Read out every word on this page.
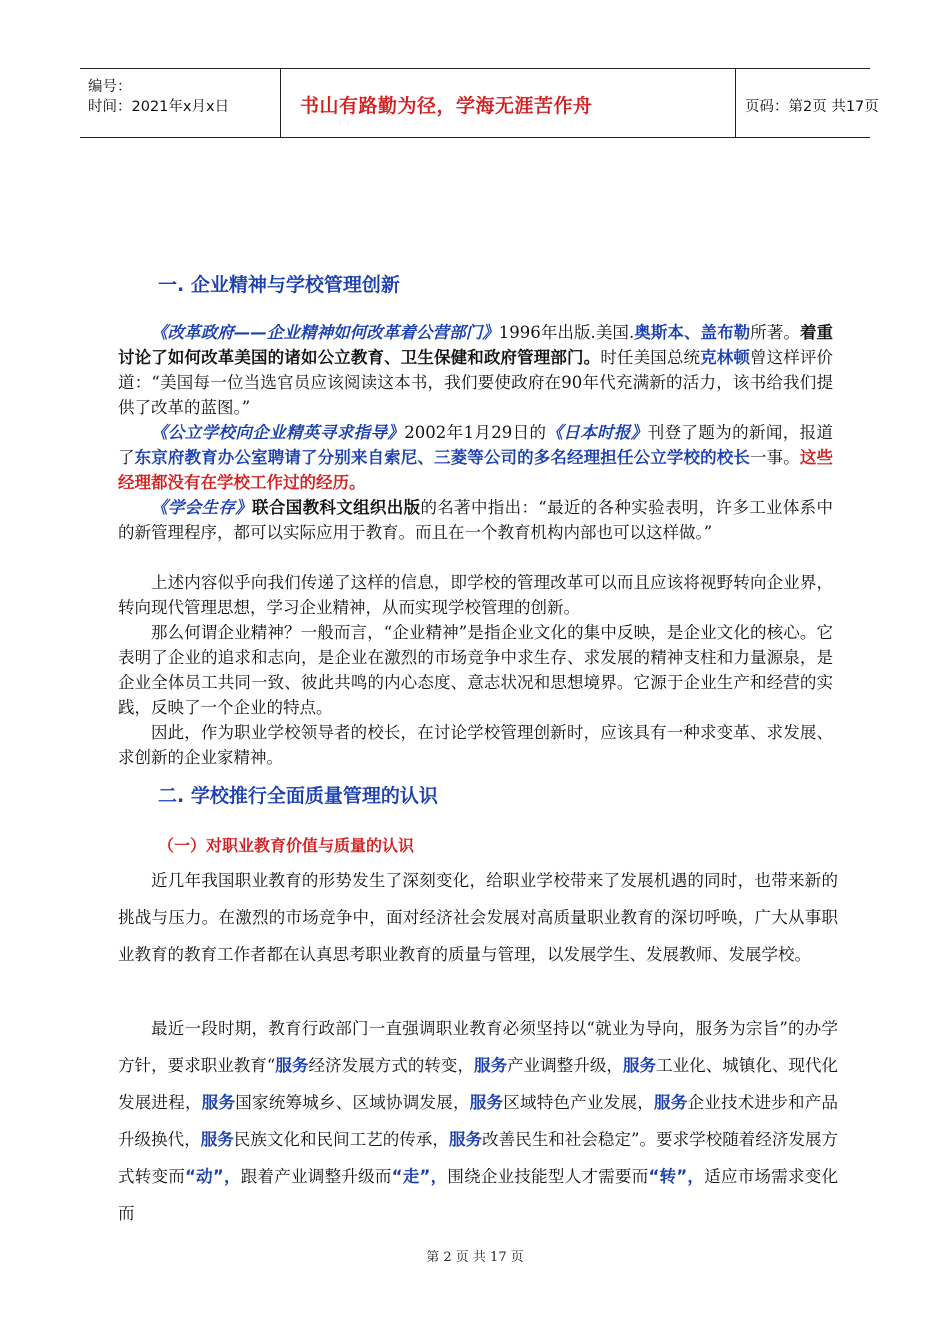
编号：
时间：2021年x月x日	书山有路勤为径，学海无涯苦作舟	页码：第2页 共17页
一. 企业精神与学校管理创新

《改革政府——企业精神如何改革着公营部门》1996年出版.美国.奥斯本、盖布勒所著。着重讨论了如何改革美国的诸如公立教育、卫生保健和政府管理部门。时任美国总统克林顿曾这样评价道：“美国每一位当选官员应该阅读这本书，我们要使政府在90年代充满新的活力，该书给我们提供了改革的蓝图。”

《公立学校向企业精英寻求指导》2002年1月29日的《日本时报》刊登了题为的新闻，报道了东京府教育办公室聘请了分别来自索尼、三菱等公司的多名经理担任公立学校的校长一事。这些经理都没有在学校工作过的经历。

《学会生存》联合国教科文组织出版的名著中指出：“最近的各种实验表明，许多工业体系中的新管理程序，都可以实际应用于教育。而且在一个教育机构内部也可以这样做。”

上述内容似乎向我们传递了这样的信息，即学校的管理改革可以而且应该将视野转向企业界，转向现代管理思想，学习企业精神，从而实现学校管理的创新。

那么何谓企业精神？一般而言，“企业精神”是指企业文化的集中反映，是企业文化的核心。它表明了企业的追求和志向，是企业在激烈的市场竞争中求生存、求发展的精神支柱和力量源泉，是企业全体员工共同一致、彼此共鸣的内心态度、意志状况和思想境界。它源于企业生产和经营的实践，反映了一个企业的特点。

因此，作为职业学校领导者的校长，在讨论学校管理创新时，应该具有一种求变革、求发展、求创新的企业家精神。

二. 学校推行全面质量管理的认识
（一）对职业教育价值与质量的认识

近几年我国职业教育的形势发生了深刻变化，给职业学校带来了发展机遇的同时，也带来新的挑战与压力。在激烈的市场竞争中，面对经济社会发展对高质量职业教育的深切呼唤，广大从事职业教育的教育工作者都在认真思考职业教育的质量与管理，以发展学生、发展教师、发展学校。

最近一段时期，教育行政部门一直强调职业教育必须坚持以“就业为导向，服务为宗旨”的办学方针，要求职业教育“服务经济发展方式的转变，服务产业调整升级，服务工业化、城镇化、现代化发展进程，服务国家统筹城乡、区域协调发展，服务区域特色产业发展，服务企业技术进步和产品升级换代，服务民族文化和民间工艺的传承，服务改善民生和社会稳定”。要求学校随着经济发展方式转变而“动”，跟着产业调整升级而“走”，围绕企业技能型人才需要而“转”，适应市场需求变化而

第 2 页 共 17 页
